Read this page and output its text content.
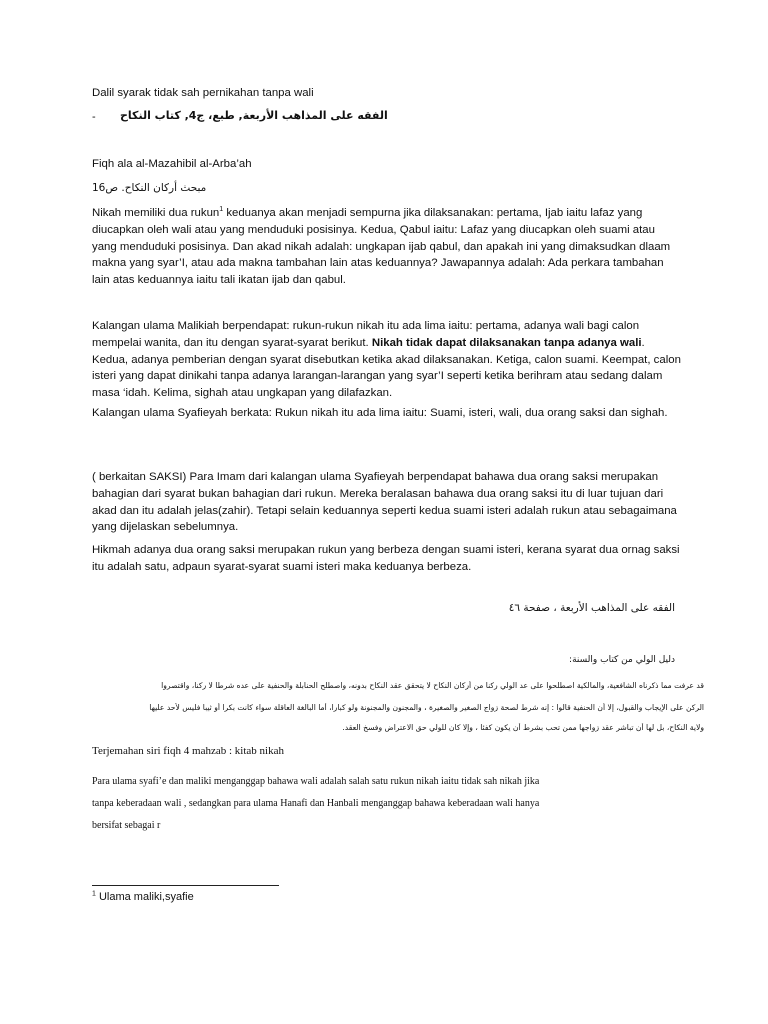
Dalil syarak tidak sah pernikahan tanpa wali
- الفقه على المذاهب الأربعة, طبع، ج4, كتاب النكاح
Fiqh ala al-Mazahibil al-Arba’ah
مبحث أركان النكاح. ص16
Nikah memiliki dua rukun$^1$ keduanya akan menjadi sempurna jika dilaksanakan: pertama, Ijab iaitu lafaz yang diucapkan oleh wali atau yang menduduki posisinya. Kedua, Qabul iaitu: Lafaz yang diucapkan oleh suami atau yang menduduki posisinya. Dan akad nikah adalah: ungkapan ijab qabul, dan apakah ini yang dimaksudkan dlaam makna yang syar’I, atau ada makna tambahan lain atas keduannya? Jawapannya adalah: Ada perkara tambahan lain atas keduannya iaitu tali ikatan ijab dan qabul.
Kalangan ulama Malikiah berpendapat: rukun-rukun nikah itu ada lima iaitu: pertama, adanya wali bagi calon mempelai wanita, dan itu dengan syarat-syarat berikut. Nikah tidak dapat dilaksanakan tanpa adanya wali. Kedua, adanya pemberian dengan syarat disebutkan ketika akad dilaksanakan. Ketiga, calon suami. Keempat, calon isteri yang dapat dinikahi tanpa adanya larangan-larangan yang syar’I seperti ketika berihram atau sedang dalam masa ‘idah. Kelima, sighah atau ungkapan yang dilafazkan.
Kalangan ulama Syafieyah berkata: Rukun nikah itu ada lima iaitu: Suami, isteri, wali, dua orang saksi dan sighah.
( berkaitan SAKSI) Para Imam dari kalangan ulama Syafieyah berpendapat bahawa dua orang saksi merupakan bahagian dari syarat bukan bahagian dari rukun. Mereka beralasan bahawa dua orang saksi itu di luar tujuan dari akad dan itu adalah jelas(zahir). Tetapi selain keduannya seperti kedua suami isteri adalah rukun atau sebagaimana yang dijelaskan sebelumnya.
Hikmah adanya dua orang saksi merupakan rukun yang berbeza dengan suami isteri, kerana syarat dua ornag saksi itu adalah satu, adpaun syarat-syarat suami isteri maka keduanya berbeza.
الفقه على المذاهب الأربعة ، صفحة ٤٦
دليل الولي من كتاب والسنة:
قد عرفت مما ذكرناه الشافعية، والمالكية اصطلحوا على عد الولي ركنا من أركان النكاح لا يتحقق عقد النكاح بدونه، واصطلح الحنابلة والحنفية على عده شرطا لا ركنا، واقتصروا
الركن على الإيجاب والقبول، إلا أن الحنفية قالوا : إنه شرط لصحة زواج الصغير والصغيرة ، والمجنون والمجنونة ولو كبارا، أما البالغة العاقلة سواء كانت بكرا أو ثيبا فليس لأحد عليها
ولاية النكاح، بل لها أن تباشر عقد زواجها ممن تحب بشرط أن يكون كفئا ، وإلا كان للولي حق الاعتراض وفسخ العقد.
Terjemahan siri fiqh 4 mahzab : kitab nikah
Para ulama syafi’e dan maliki menganggap bahawa wali adalah salah satu rukun nikah iaitu tidak sah nikah jika
tanpa keberadaan wali , sedangkan para ulama Hanafi dan Hanbali menganggap bahawa keberadaan wali hanya
bersifat sebagai r
$^1$ Ulama maliki,syafie
